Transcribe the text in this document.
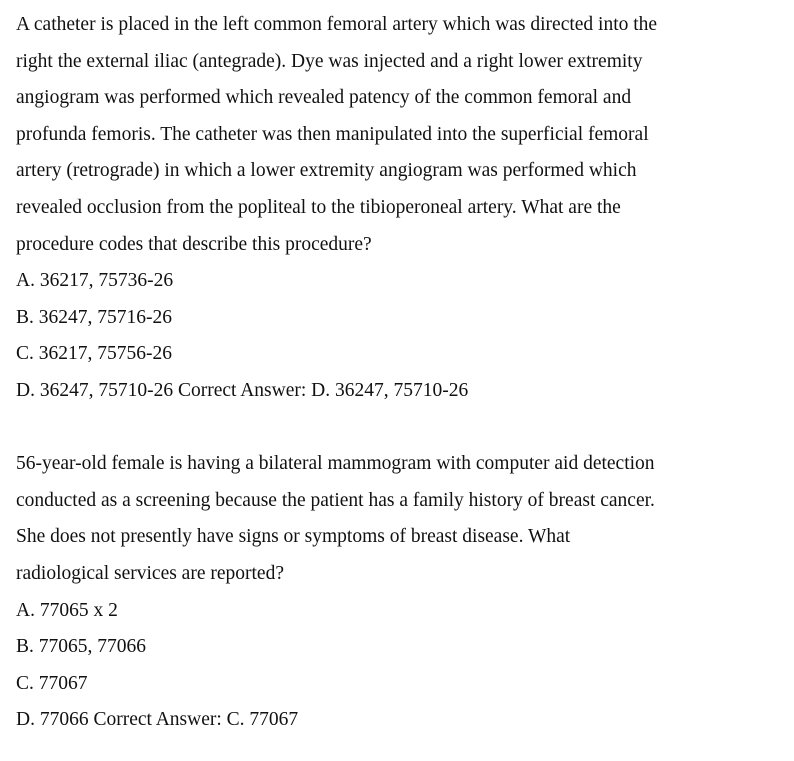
A catheter is placed in the left common femoral artery which was directed into the
right the external iliac (antegrade). Dye was injected and a right lower extremity
angiogram was performed which revealed patency of the common femoral and
profunda femoris. The catheter was then manipulated into the superficial femoral
artery (retrograde) in which a lower extremity angiogram was performed which
revealed occlusion from the popliteal to the tibioperoneal artery. What are the
procedure codes that describe this procedure?
A. 36217, 75736-26
B. 36247, 75716-26
C. 36217, 75756-26
D. 36247, 75710-26 Correct Answer: D. 36247, 75710-26
56-year-old female is having a bilateral mammogram with computer aid detection
conducted as a screening because the patient has a family history of breast cancer.
She does not presently have signs or symptoms of breast disease. What
radiological services are reported?
A. 77065 x 2
B. 77065, 77066
C. 77067
D. 77066 Correct Answer: C. 77067
